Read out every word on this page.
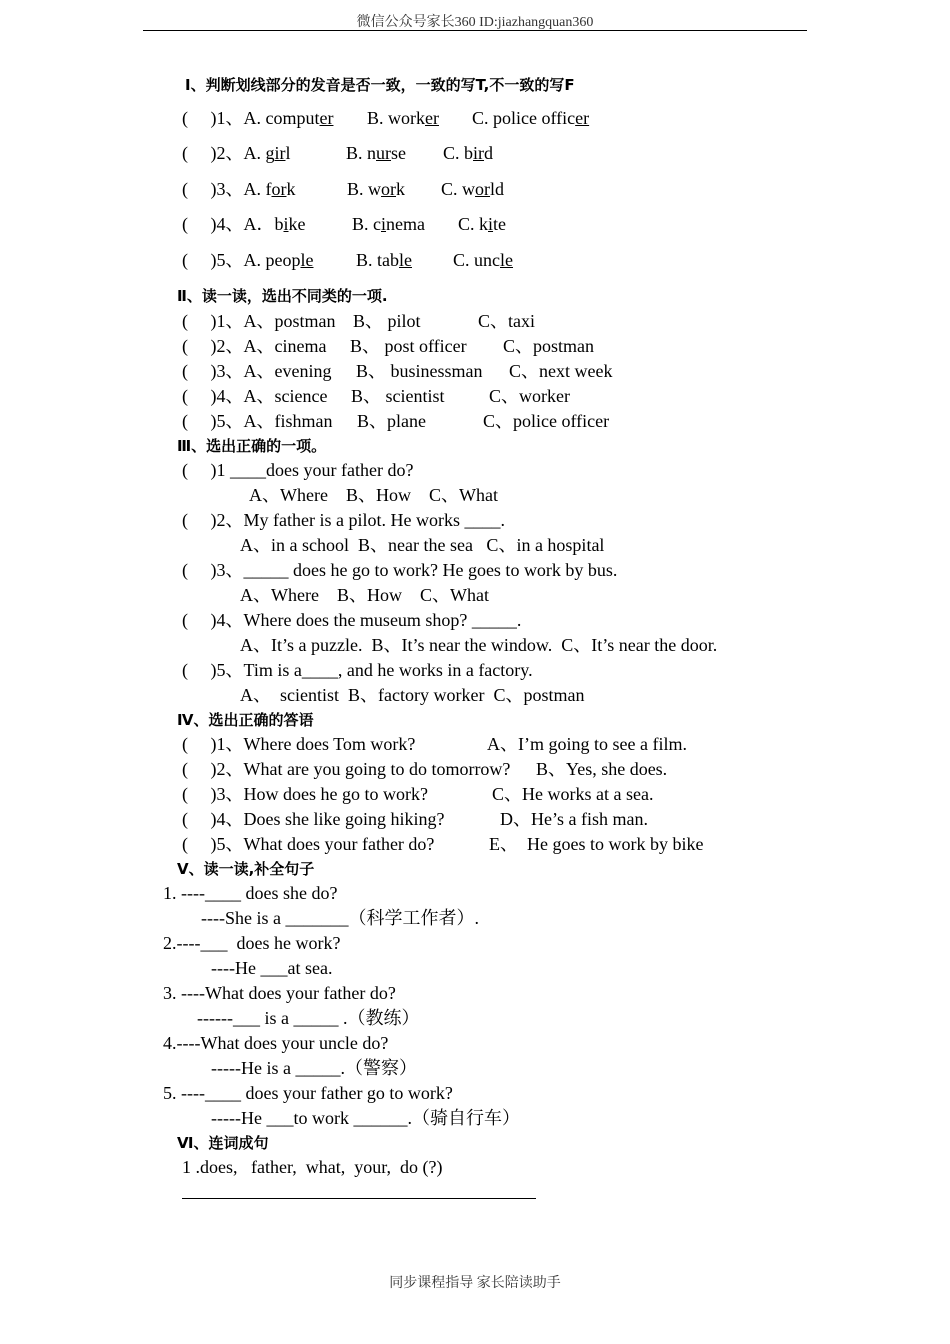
微信公众号家长360 ID:jiazhangquan360
Ⅰ、判断划线部分的发音是否一致，一致的写T,不一致的写F
(     )1、A. computer B. worker C. police officer
(     )2、A. girl	B. nurse C. bird
(     )3、A. fork	B. work C. world
(     )4、A．bike	B. cinema C. kite
(     )5、A. people B. table C. uncle
Ⅱ、读一读，选出不同类的一项.
(     )1、A、postman B、 pilot	C、taxi
(     )2、A、cinema B、 post officer C、postman
(     )3、A、evening B、 businessman C、next week
(     )4、A、science B、 scientist C、worker
(     )5、A、fishman B、plane	C、police officer
Ⅲ、选出正确的一项。
(     )1 ____does your father do?
A、Where    B、How    C、What
(     )2、My father is a pilot. He works ____.
A、in a school  B、near the sea   C、in a hospital
(     )3、_____ does he go to work? He goes to work by bus.
A、Where    B、How    C、What
(     )4、Where does the museum shop? _____.
A、It’s a puzzle.  B、It’s near the window.  C、It’s near the door.
(     )5、Tim is a____, and he works in a factory.
A、  scientist  B、factory worker  C、postman
Ⅳ、选出正确的答语
(     )1、Where does Tom work?	A、I’m going to see a film.
(     )2、What are you going to do tomorrow? B、Yes, she does.
(     )3、How does he go to work?	C、He works at a sea.
(     )4、Does she like going hiking?	D、He’s a fish man.
(     )5、What does your father do?	E、  He goes to work by bike
Ⅴ、读一读,补全句子
1. ----____ does she do?
----She is a _______（科学工作者）.
2.----___  does he work?
----He ___at sea.
3. ----What does your father do?
------___ is a _____ .（教练）
4.----What does your uncle do?
-----He is a _____.（警察）
5. ----____ does your father go to work?
-----He ___to work ______.（骑自行车）
Ⅵ、连词成句
1 .does,   father,  what,  your,  do (?)
同步课程指导 家长陪读助手
